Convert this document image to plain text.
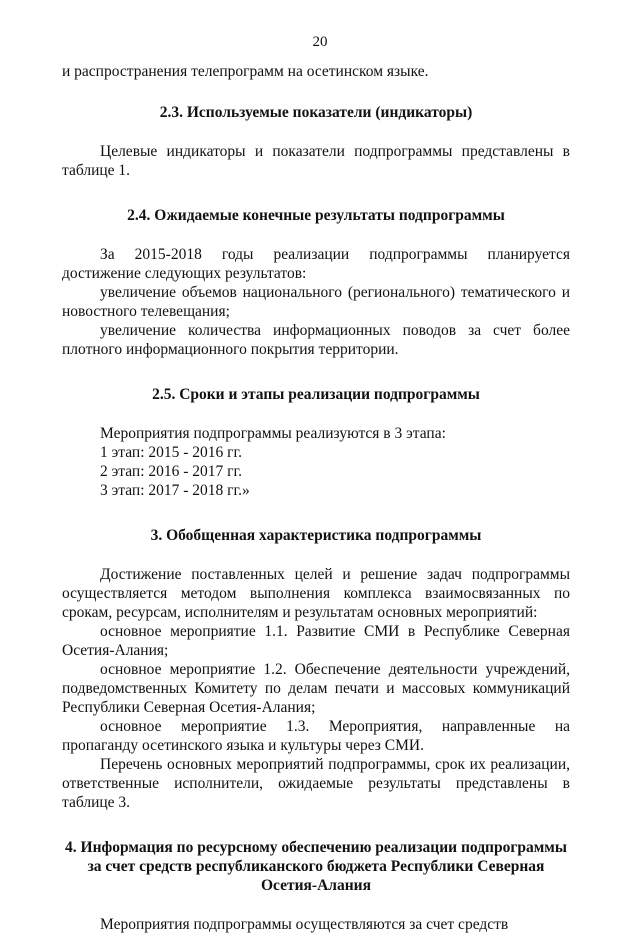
20

и распространения телепрограмм на осетинском языке.

2.3. Используемые показатели (индикаторы)

Целевые индикаторы и показатели подпрограммы представлены в таблице 1.

2.4. Ожидаемые конечные результаты подпрограммы

За 2015-2018 годы реализации подпрограммы планируется достижение следующих результатов:

увеличение объемов национального (регионального) тематического и новостного телевещания;

увеличение количества информационных поводов за счет более плотного информационного покрытия территории.

2.5. Сроки и этапы реализации подпрограммы

Мероприятия подпрограммы реализуются в 3 этапа:

1 этап: 2015 - 2016 гг.

2 этап: 2016 - 2017 гг.

3 этап: 2017 - 2018 гг.»

3. Обобщенная характеристика подпрограммы

Достижение поставленных целей и решение задач подпрограммы осуществляется методом выполнения комплекса взаимосвязанных по срокам, ресурсам, исполнителям и результатам основных мероприятий:

основное мероприятие 1.1. Развитие СМИ в Республике Северная Осетия-Алания;

основное мероприятие 1.2. Обеспечение деятельности учреждений, подведомственных Комитету по делам печати и массовых коммуникаций Республики Северная Осетия-Алания;

основное мероприятие 1.3. Мероприятия, направленные на пропаганду осетинского языка и культуры через СМИ.

Перечень основных мероприятий подпрограммы, срок их реализации, ответственные исполнители, ожидаемые результаты представлены в таблице 3.

4. Информация по ресурсному обеспечению реализации подпрограммы за счет средств республиканского бюджета Республики Северная Осетия-Алания

Мероприятия подпрограммы осуществляются за счет средств
